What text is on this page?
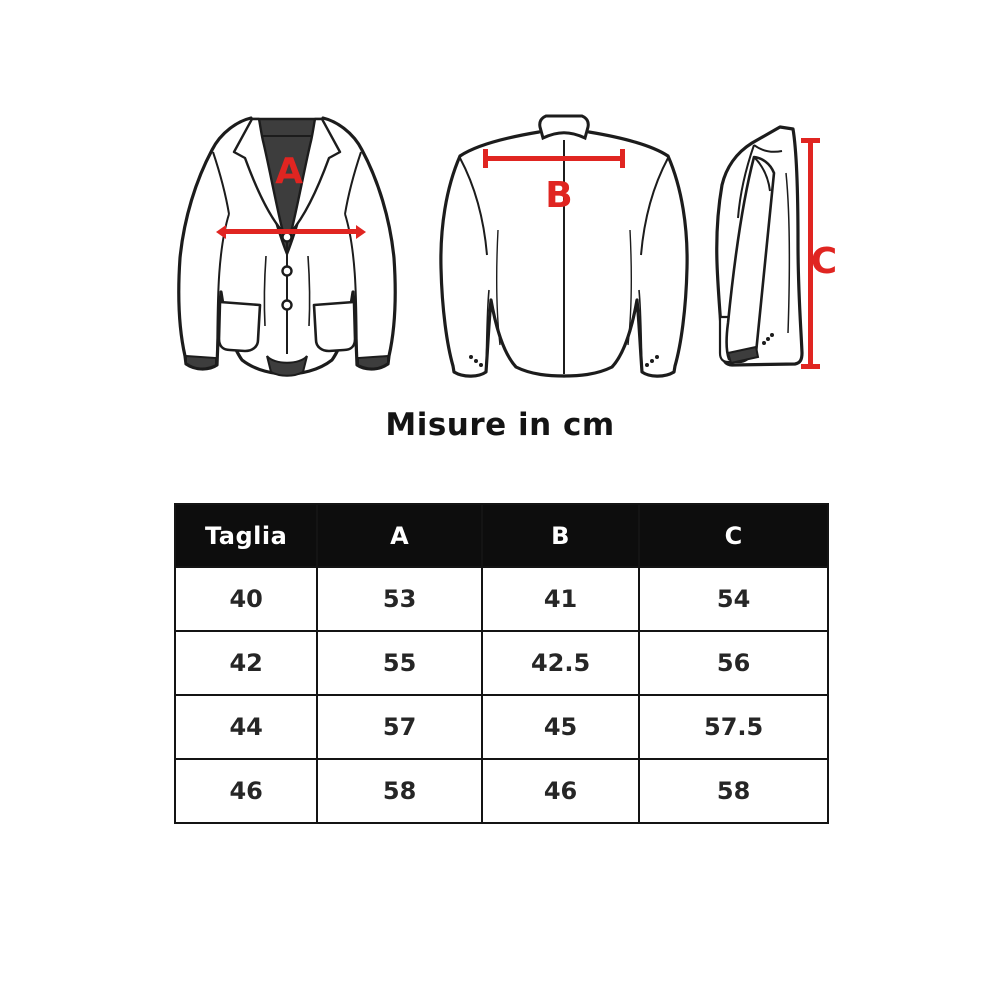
A
B
C
Misure in cm
Taglia	A	B	C
40	53	41	54
42	55	42.5	56
44	57	45	57.5
46	58	46	58
